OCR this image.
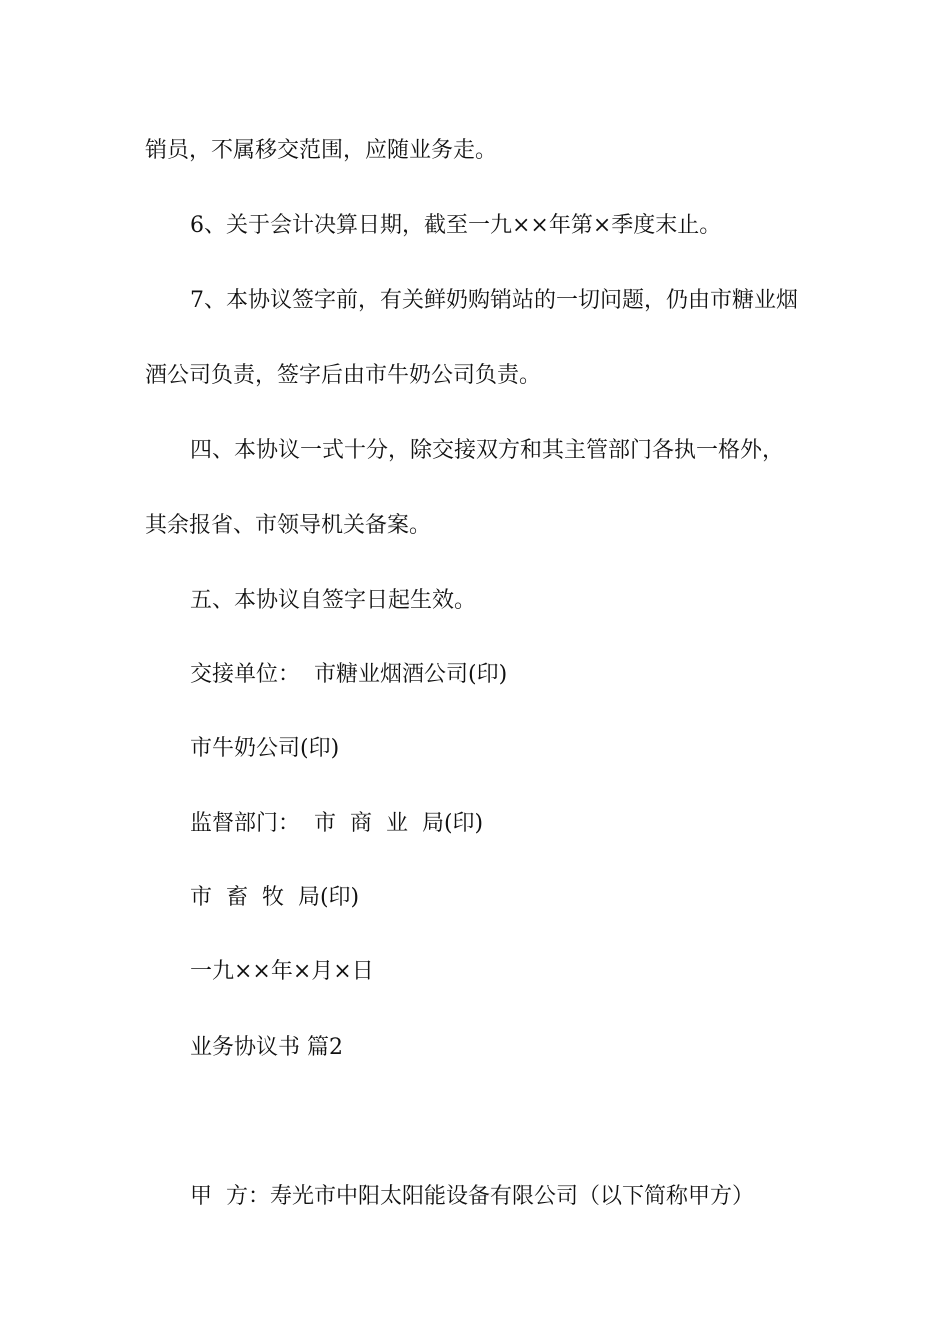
销员，不属移交范围，应随业务走。
6、关于会计决算日期，截至一九××年第×季度末止。
7、本协议签字前，有关鲜奶购销站的一切问题，仍由市糖业烟
酒公司负责，签字后由市牛奶公司负责。
四、本协议一式十分，除交接双方和其主管部门各执一格外，
其余报省、市领导机关备案。
五、本协议自签字日起生效。
交接单位：  市糖业烟酒公司(印)
市牛奶公司(印)
监督部门：  市  商  业  局(印)
市  畜  牧  局(印)
一九××年×月×日
业务协议书 篇2
甲  方：寿光市中阳太阳能设备有限公司（以下简称甲方）
